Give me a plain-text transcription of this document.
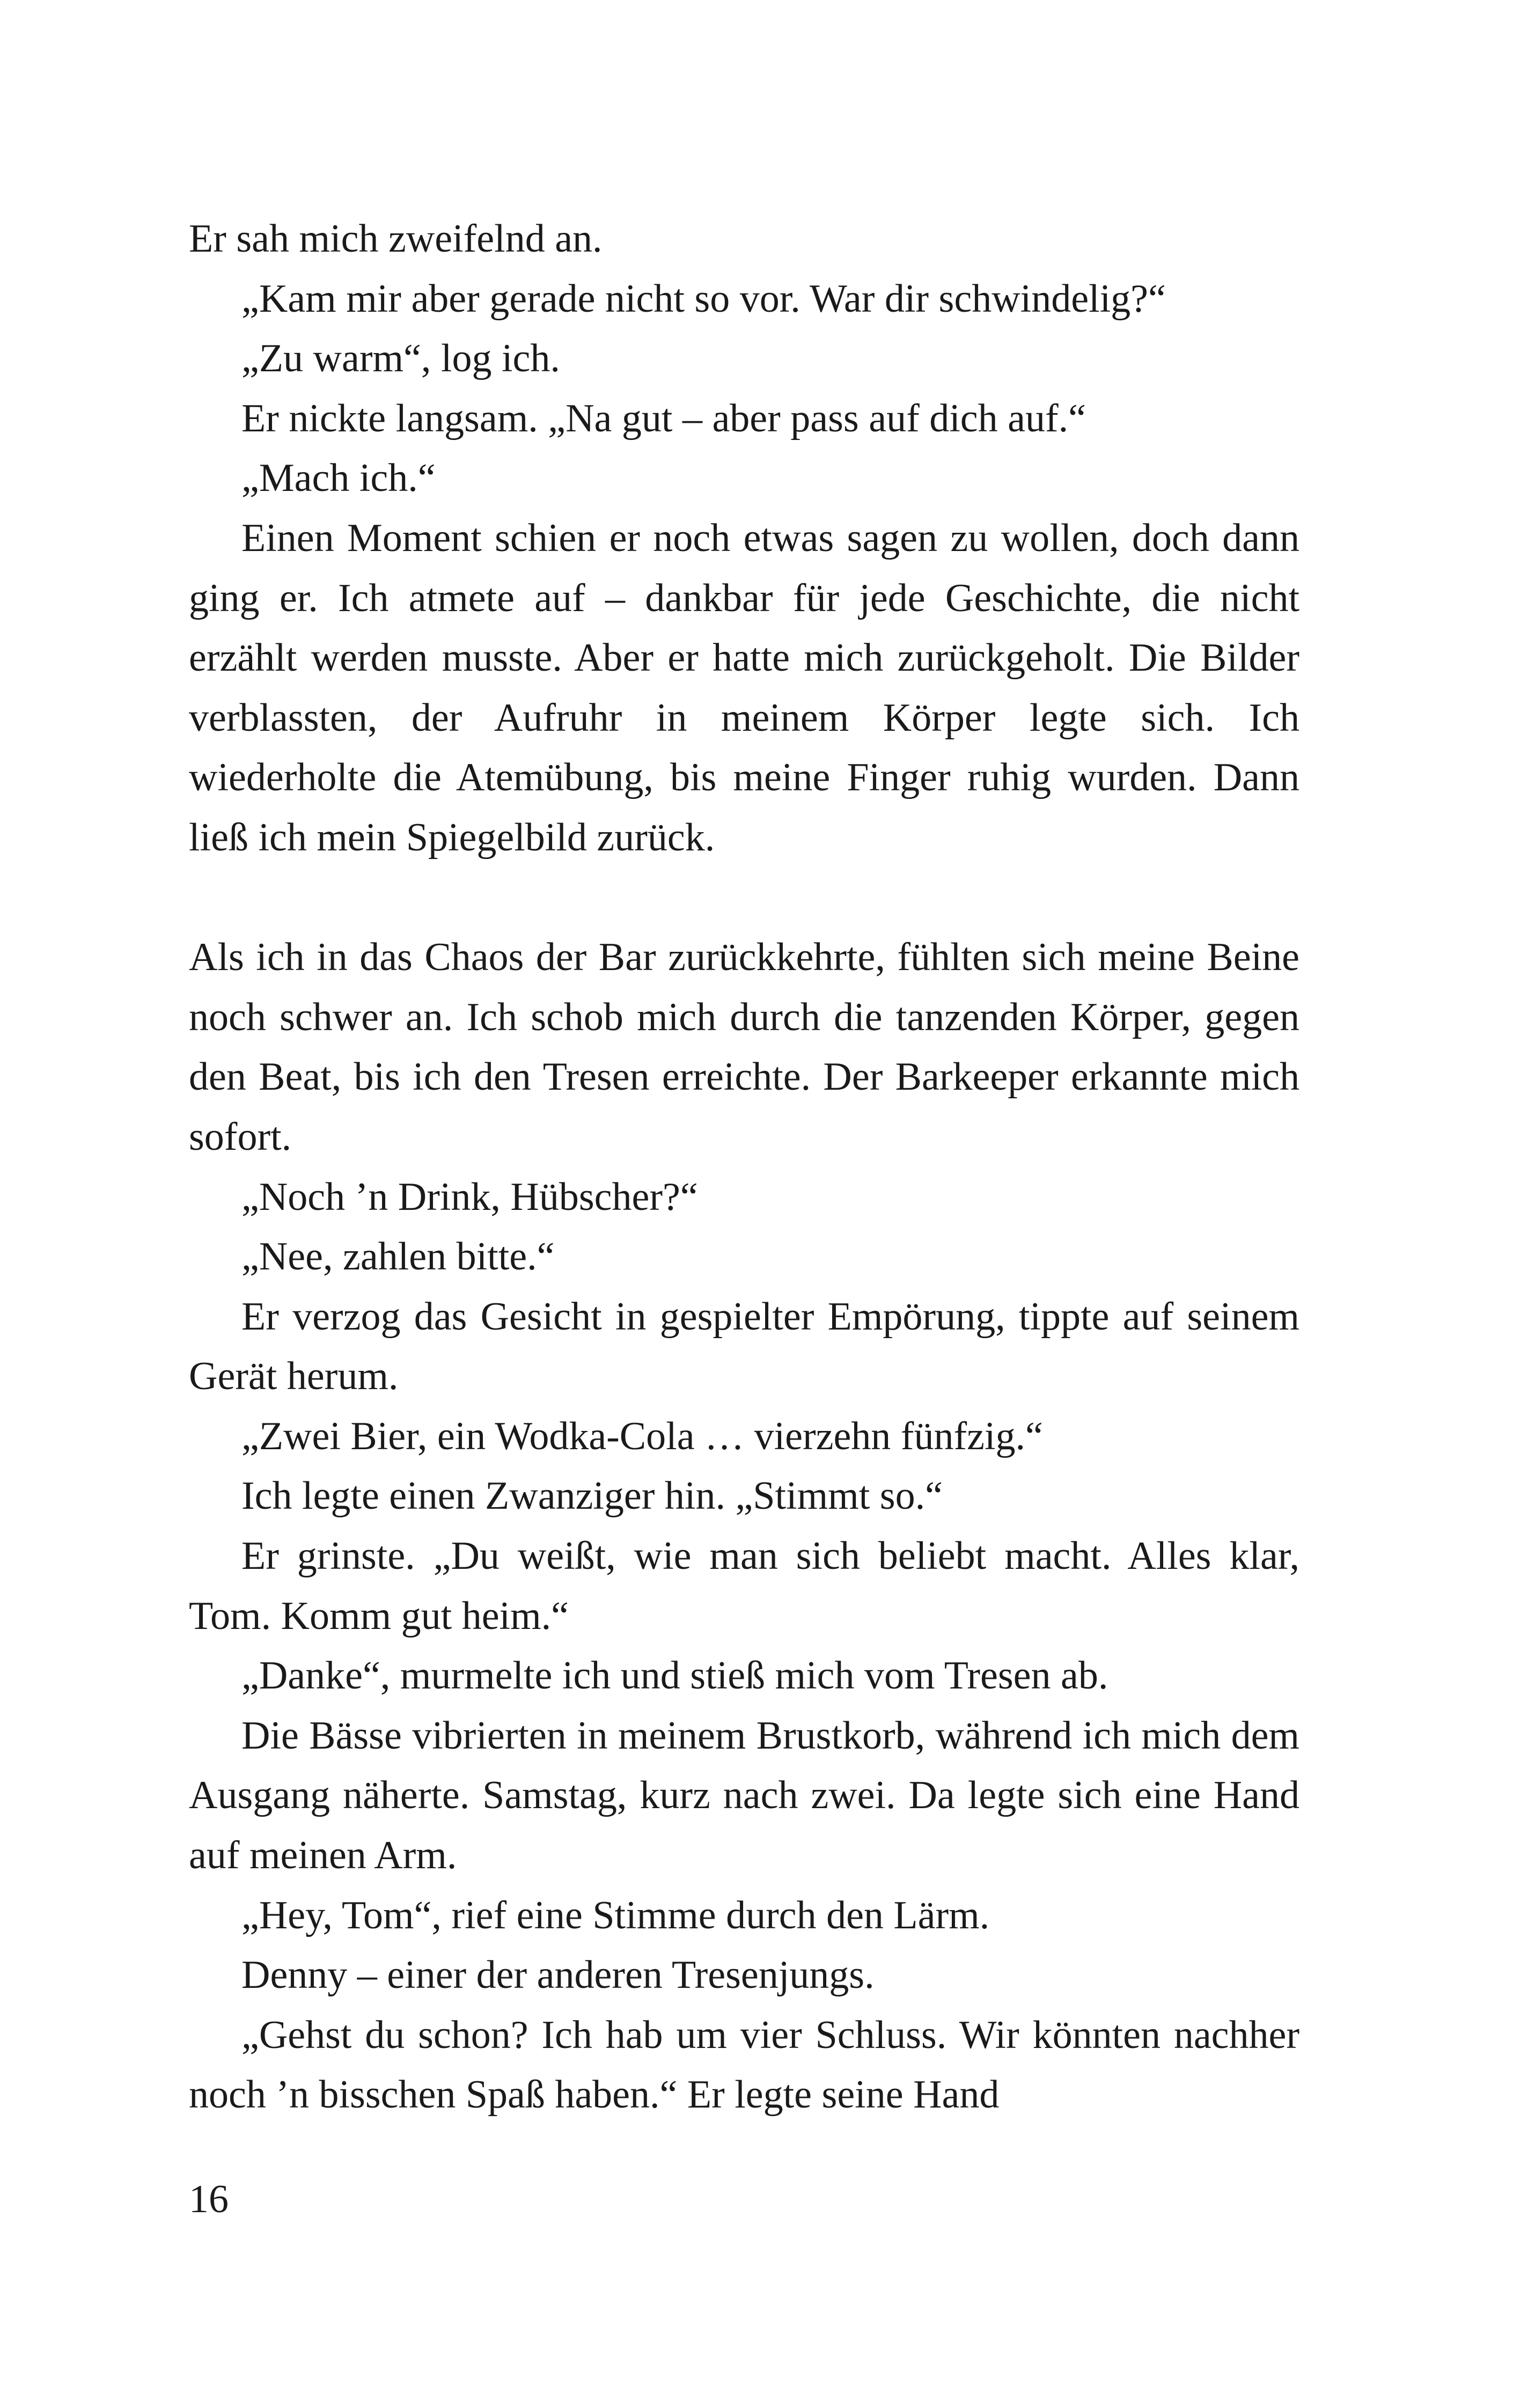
Er sah mich zweifelnd an.

„Kam mir aber gerade nicht so vor. War dir schwindelig?“

„Zu warm“, log ich.

Er nickte langsam. „Na gut – aber pass auf dich auf.“

„Mach ich.“

Einen Moment schien er noch etwas sagen zu wollen, doch dann ging er. Ich atmete auf – dankbar für jede Geschichte, die nicht erzählt werden musste. Aber er hatte mich zurückgeholt. Die Bilder verblassten, der Aufruhr in meinem Körper legte sich. Ich wiederholte die Atemübung, bis meine Finger ruhig wurden. Dann ließ ich mein Spiegelbild zurück.

Als ich in das Chaos der Bar zurückkehrte, fühlten sich meine Beine noch schwer an. Ich schob mich durch die tanzenden Körper, gegen den Beat, bis ich den Tresen erreichte. Der Barkeeper erkannte mich sofort.

„Noch ’n Drink, Hübscher?“

„Nee, zahlen bitte.“

Er verzog das Gesicht in gespielter Empörung, tippte auf seinem Gerät herum.

„Zwei Bier, ein Wodka-Cola … vierzehn fünfzig.“

Ich legte einen Zwanziger hin. „Stimmt so.“

Er grinste. „Du weißt, wie man sich beliebt macht. Alles klar, Tom. Komm gut heim.“

„Danke“, murmelte ich und stieß mich vom Tresen ab.

Die Bässe vibrierten in meinem Brustkorb, während ich mich dem Ausgang näherte. Samstag, kurz nach zwei. Da legte sich eine Hand auf meinen Arm.

„Hey, Tom“, rief eine Stimme durch den Lärm.

Denny – einer der anderen Tresenjungs.

„Gehst du schon? Ich hab um vier Schluss. Wir könnten nachher noch ’n bisschen Spaß haben.“ Er legte seine Hand

16
